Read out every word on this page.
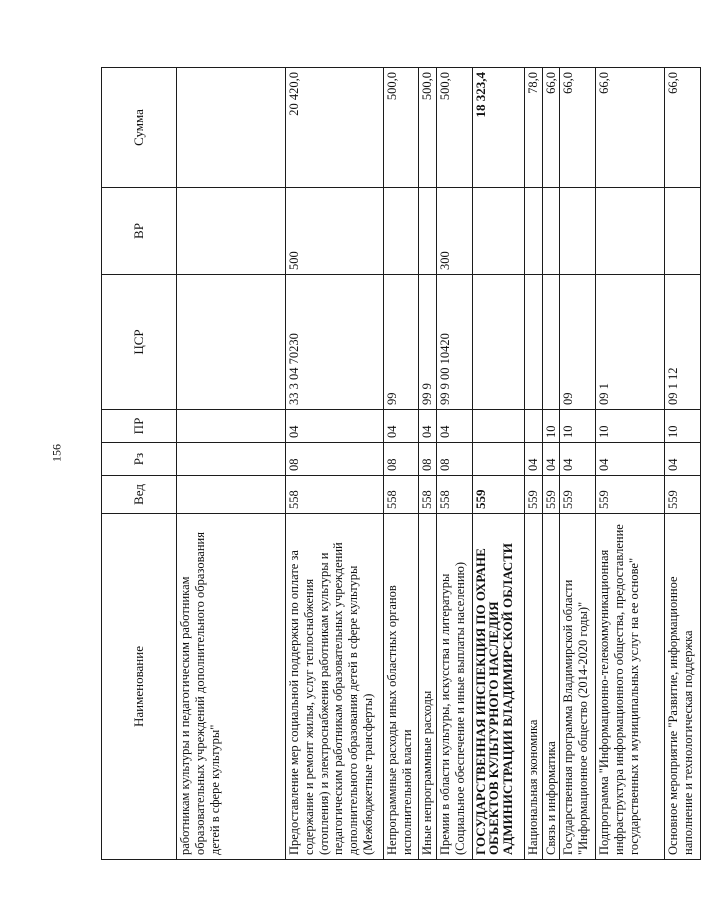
156
Наименование	Вед	Рз	ПР	ЦСР	ВР	Сумма
работникам культуры и педагогическим работникам образовательных учреждений дополнительного образования детей в сфере культуры"						
Предоставление мер социальной поддержки по оплате за содержание и ремонт жилья, услуг теплоснабжения (отопления) и электроснабжения работникам культуры и педагогическим работникам образовательных учреждений дополнительного образования детей в сфере культуры (Межбюджетные трансферты)	558	08	04	33 3 04 70230	500	20 420,0
Непрограммные расходы иных областных органов исполнительной власти	558	08	04	99		500,0
Иные непрограммные расходы	558	08	04	99 9		500,0
Премии в области культуры, искусства и литературы (Социальное обеспечение и иные выплаты населению)	558	08	04	99 9 00 10420	300	500,0
ГОСУДАРСТВЕННАЯ ИНСПЕКЦИЯ ПО ОХРАНЕ ОБЪЕКТОВ КУЛЬТУРНОГО НАСЛЕДИЯ АДМИНИСТРАЦИИ ВЛАДИМИРСКОЙ ОБЛАСТИ	559					18 323,4
Национальная экономика	559	04				78,0
Связь и информатика	559	04	10			66,0
Государственная программа Владимирской области "Информационное общество (2014-2020 годы)"	559	04	10	09		66,0
Подпрограмма "Информационно-телекоммуникационная инфраструктура информационного общества, предоставление государственных и муниципальных услуг на ее основе"	559	04	10	09 1		66,0
Основное мероприятие "Развитие, информационное наполнение и технологическая поддержка	559	04	10	09 1 12		66,0
